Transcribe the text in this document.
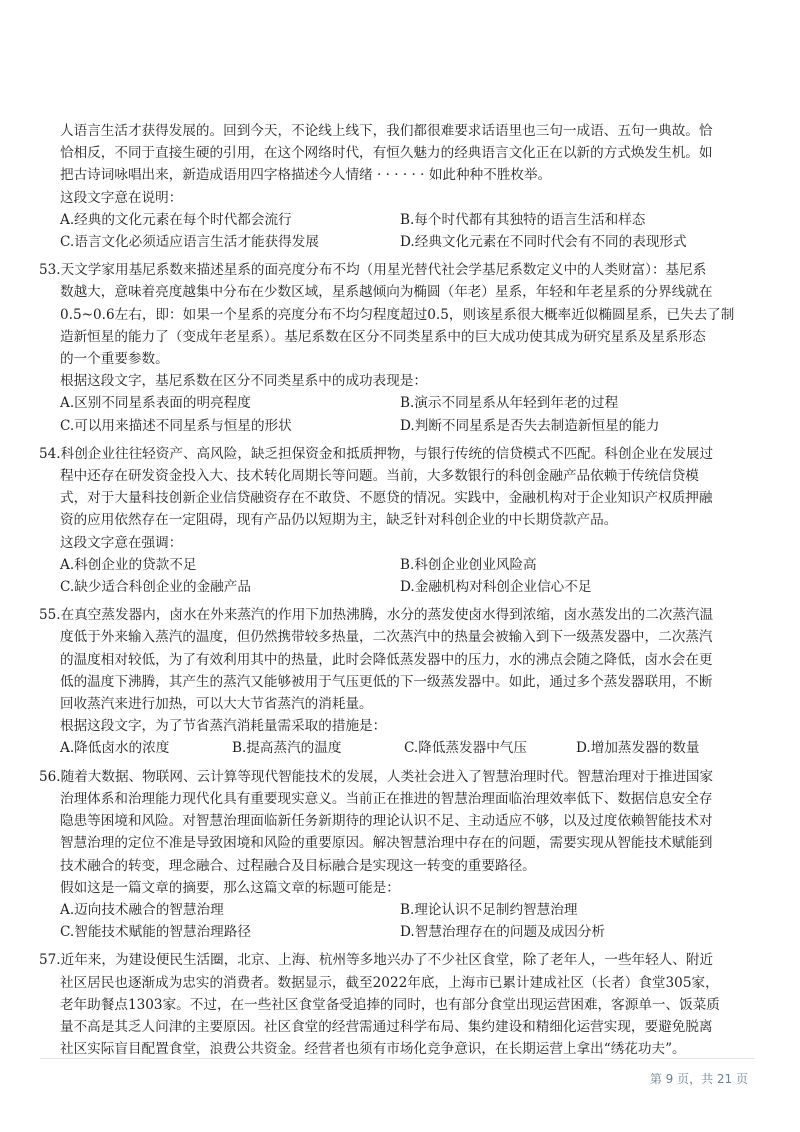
人语言生活才获得发展的。回到今天，不论线上线下，我们都很难要求话语里也三句一成语、五句一典故。恰

恰相反，不同于直接生硬的引用，在这个网络时代，有恒久魅力的经典语言文化正在以新的方式焕发生机。如

把古诗词咏唱出来，新造成语用四字格描述今人情绪 · · · · · · 如此种种不胜枚举。

这段文字意在说明：

A.经典的文化元素在每个时代都会流行	B.每个时代都有其独特的语言生活和样态
C.语言文化必须适应语言生活才能获得发展	D.经典文化元素在不同时代会有不同的表现形式

53.天文学家用基尼系数来描述星系的面亮度分布不均（用星光替代社会学基尼系数定义中的人类财富）：基尼系

数越大，意味着亮度越集中分布在少数区域，星系越倾向为椭圆（年老）星系，年轻和年老星系的分界线就在

0.5~0.6左右，即：如果一个星系的亮度分布不均匀程度超过0.5，则该星系很大概率近似椭圆星系，已失去了制

造新恒星的能力了（变成年老星系）。基尼系数在区分不同类星系中的巨大成功使其成为研究星系及星系形态

的一个重要参数。

根据这段文字，基尼系数在区分不同类星系中的成功表现是：

A.区别不同星系表面的明亮程度	B.演示不同星系从年轻到年老的过程
C.可以用来描述不同星系与恒星的形状	D.判断不同星系是否失去制造新恒星的能力

54.科创企业往往轻资产、高风险，缺乏担保资金和抵质押物，与银行传统的信贷模式不匹配。科创企业在发展过

程中还存在研发资金投入大、技术转化周期长等问题。当前，大多数银行的科创金融产品依赖于传统信贷模

式，对于大量科技创新企业信贷融资存在不敢贷、不愿贷的情况。实践中，金融机构对于企业知识产权质押融

资的应用依然存在一定阻碍，现有产品仍以短期为主，缺乏针对科创企业的中长期贷款产品。

这段文字意在强调：

A.科创企业的贷款不足	B.科创企业创业风险高
C.缺少适合科创企业的金融产品	D.金融机构对科创企业信心不足

55.在真空蒸发器内，卤水在外来蒸汽的作用下加热沸腾，水分的蒸发使卤水得到浓缩，卤水蒸发出的二次蒸汽温

度低于外来输入蒸汽的温度，但仍然携带较多热量，二次蒸汽中的热量会被输入到下一级蒸发器中，二次蒸汽

的温度相对较低，为了有效利用其中的热量，此时会降低蒸发器中的压力，水的沸点会随之降低，卤水会在更

低的温度下沸腾，其产生的蒸汽又能够被用于气压更低的下一级蒸发器中。如此，通过多个蒸发器联用，不断

回收蒸汽来进行加热，可以大大节省蒸汽的消耗量。

根据这段文字，为了节省蒸汽消耗量需采取的措施是：

A.降低卤水的浓度	B.提高蒸汽的温度	C.降低蒸发器中气压	D.增加蒸发器的数量

56.随着大数据、物联网、云计算等现代智能技术的发展，人类社会进入了智慧治理时代。智慧治理对于推进国家

治理体系和治理能力现代化具有重要现实意义。当前正在推进的智慧治理面临治理效率低下、数据信息安全存

隐患等困境和风险。对智慧治理面临新任务新期待的理论认识不足、主动适应不够，以及过度依赖智能技术对

智慧治理的定位不准是导致困境和风险的重要原因。解决智慧治理中存在的问题，需要实现从智能技术赋能到

技术融合的转变，理念融合、过程融合及目标融合是实现这一转变的重要路径。

假如这是一篇文章的摘要，那么这篇文章的标题可能是：

A.迈向技术融合的智慧治理	B.理论认识不足制约智慧治理
C.智能技术赋能的智慧治理路径	D.智慧治理存在的问题及成因分析

57.近年来，为建设便民生活圈，北京、上海、杭州等多地兴办了不少社区食堂，除了老年人，一些年轻人、附近

社区居民也逐渐成为忠实的消费者。数据显示，截至2022年底，上海市已累计建成社区（长者）食堂305家，

老年助餐点1303家。不过，在一些社区食堂备受追捧的同时，也有部分食堂出现运营困难，客源单一、饭菜质

量不高是其乏人问津的主要原因。社区食堂的经营需通过科学布局、集约建设和精细化运营实现，要避免脱离

社区实际盲目配置食堂，浪费公共资金。经营者也须有市场化竞争意识，在长期运营上拿出“绣花功夫”。

第 9 页，共 21 页
